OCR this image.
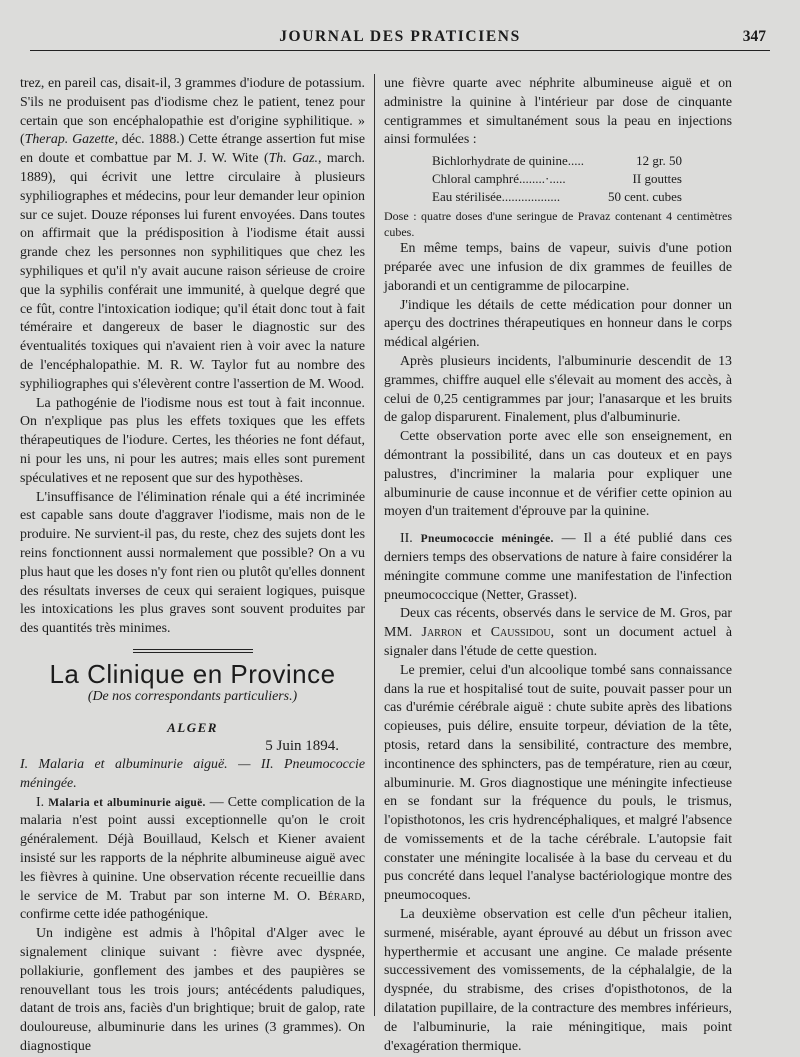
JOURNAL DES PRATICIENS	347

trez, en pareil cas, disait-il, 3 grammes d'iodure de potassium. S'ils ne produisent pas d'iodisme chez le patient, tenez pour certain que son encéphalopathie est d'origine syphilitique. » (Therap. Gazette, déc. 1888.) Cette étrange assertion fut mise en doute et combattue par M. J. W. Wite (Th. Gaz., march. 1889), qui écrivit une lettre circulaire à plusieurs syphiliographes et médecins, pour leur demander leur opinion sur ce sujet. Douze réponses lui furent envoyées. Dans toutes on affirmait que la prédisposition à l'iodisme était aussi grande chez les personnes non syphilitiques que chez les syphiliques et qu'il n'y avait aucune raison sérieuse de croire que la syphilis conférait une immunité, à quelque degré que ce fût, contre l'intoxication iodique; qu'il était donc tout à fait téméraire et dangereux de baser le diagnostic sur des éventualités toxiques qui n'avaient rien à voir avec la nature de l'encéphalopathie. M. R. W. Taylor fut au nombre des syphiliographes qui s'élevèrent contre l'assertion de M. Wood.

La pathogénie de l'iodisme nous est tout à fait inconnue. On n'explique pas plus les effets toxiques que les effets thérapeutiques de l'iodure. Certes, les théories ne font défaut, ni pour les uns, ni pour les autres; mais elles sont purement spéculatives et ne reposent que sur des hypothèses.

L'insuffisance de l'élimination rénale qui a été incriminée est capable sans doute d'aggraver l'iodisme, mais non de le produire. Ne survient-il pas, du reste, chez des sujets dont les reins fonctionnent aussi normalement que possible? On a vu plus haut que les doses n'y font rien ou plutôt qu'elles donnent des résultats inverses de ceux qui seraient logiques, puisque les intoxications les plus graves sont souvent produites par des quantités très minimes.

La Clinique en Province
(De nos correspondants particuliers.)
ALGER
5 Juin 1894.

I. Malaria et albuminurie aiguë. — II. Pneumococcie méningée.

I. Malaria et albuminurie aiguë. — Cette complication de la malaria n'est point aussi exceptionnelle qu'on le croit généralement. Déjà Bouillaud, Kelsch et Kiener avaient insisté sur les rapports de la néphrite albumineuse aiguë avec les fièvres à quinine. Une observation récente recueillie dans le service de M. Trabut par son interne M. O. Bérard, confirme cette idée pathogénique.

Un indigène est admis à l'hôpital d'Alger avec le signalement clinique suivant : fièvre avec dyspnée, pollakiurie, gonflement des jambes et des paupières se renouvellant tous les trois jours; antécédents paludiques, datant de trois ans, faciès d'un brightique; bruit de galop, rate douloureuse, albuminurie dans les urines (3 grammes). On diagnostique

une fièvre quarte avec néphrite albumineuse aiguë et on administre la quinine à l'intérieur par dose de cinquante centigrammes et simultanément sous la peau en injections ainsi formulées :

Bichlorhydrate de quinine.....	12 gr. 50
Chloral camphré........·.....	II gouttes
Eau stérilisée..................	50 cent. cubes

Dose : quatre doses d'une seringue de Pravaz contenant 4 centimètres cubes.

En même temps, bains de vapeur, suivis d'une potion préparée avec une infusion de dix grammes de feuilles de jaborandi et un centigramme de pilocarpine.

J'indique les détails de cette médication pour donner un aperçu des doctrines thérapeutiques en honneur dans le corps médical algérien.

Après plusieurs incidents, l'albuminurie descendit de 13 grammes, chiffre auquel elle s'élevait au moment des accès, à celui de 0,25 centigrammes par jour; l'anasarque et les bruits de galop disparurent. Finalement, plus d'albuminurie.

Cette observation porte avec elle son enseignement, en démontrant la possibilité, dans un cas douteux et en pays palustres, d'incriminer la malaria pour expliquer une albuminurie de cause inconnue et de vérifier cette opinion au moyen d'un traitement d'éprouve par la quinine.

II. Pneumococcie méningée. — Il a été publié dans ces derniers temps des observations de nature à faire considérer la méningite commune comme une manifestation de l'infection pneumococcique (Netter, Grasset).

Deux cas récents, observés dans le service de M. Gros, par MM. Jarron et Caussidou, sont un document actuel à signaler dans l'étude de cette question.

Le premier, celui d'un alcoolique tombé sans connaissance dans la rue et hospitalisé tout de suite, pouvait passer pour un cas d'urémie cérébrale aiguë : chute subite après des libations copieuses, puis délire, ensuite torpeur, déviation de la tête, ptosis, retard dans la sensibilité, contracture des membre, incontinence des sphincters, pas de température, rien au cœur, albuminurie. M. Gros diagnostique une méningite infectieuse en se fondant sur la fréquence du pouls, le trismus, l'opisthotonos, les cris hydrencéphaliques, et malgré l'absence de vomissements et de la tache cérébrale. L'autopsie fait constater une méningite localisée à la base du cerveau et du pus concrété dans lequel l'analyse bactériologique montre des pneumocoques.

La deuxième observation est celle d'un pêcheur italien, surmené, misérable, ayant éprouvé au début un frisson avec hyperthermie et accusant une angine. Ce malade présente successivement des vomissements, de la céphalalgie, de la dyspnée, du strabisme, des crises d'opisthotonos, de la dilatation pupillaire, de la contracture des membres inférieurs, de l'albuminurie, la raie méningitique, mais point d'exagération thermique.
